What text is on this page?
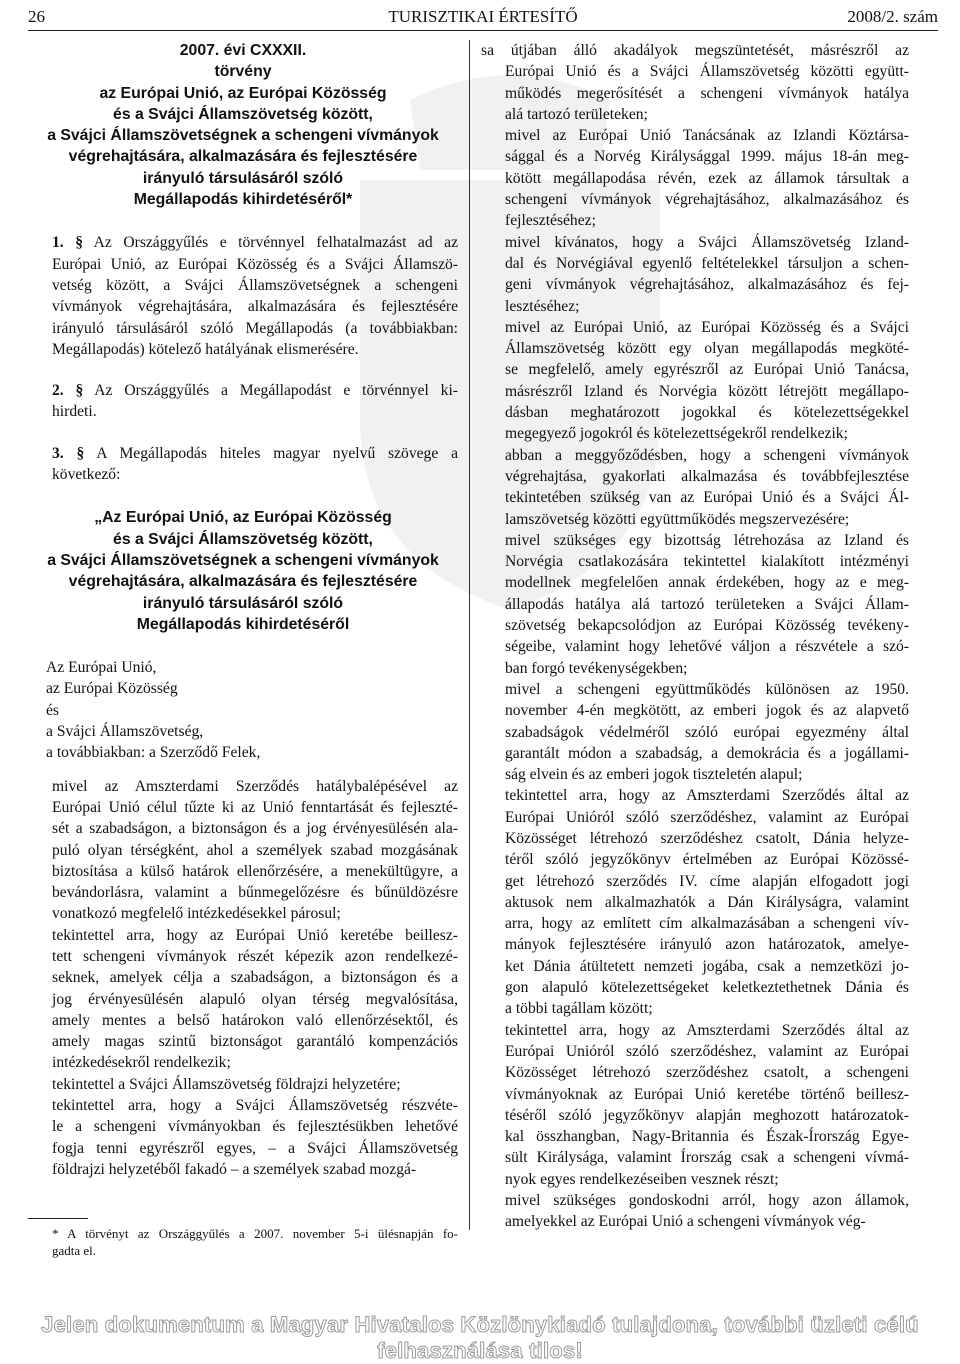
26	TURISZTIKAI ÉRTESÍTŐ	2008/2. szám
2007. évi CXXXII.
törvény
az Európai Unió, az Európai Közösség
és a Svájci Államszövetség között,
a Svájci Államszövetségnek a schengeni vívmányok
végrehajtására, alkalmazására és fejlesztésére
irányuló társulásáról szóló
Megállapodás kihirdetéséről*
1. § Az Országgyűlés e törvénnyel felhatalmazást ad az
Európai Unió, az Európai Közösség és a Svájci Államszö-
vetség között, a Svájci Államszövetségnek a schengeni
vívmányok végrehajtására, alkalmazására és fejlesztésére
irányuló társulásáról szóló Megállapodás (a továbbiakban:
Megállapodás) kötelező hatályának elismerésére.
2. § Az Országgyűlés a Megállapodást e törvénnyel ki-
hirdeti.
3. § A Megállapodás hiteles magyar nyelvű szövege a
következő:
„Az Európai Unió, az Európai Közösség
és a Svájci Államszövetség között,
a Svájci Államszövetségnek a schengeni vívmányok
végrehajtására, alkalmazására és fejlesztésére
irányuló társulásáról szóló
Megállapodás kihirdetéséről
Az Európai Unió,
az Európai Közösség
és
a Svájci Államszövetség,
a továbbiakban: a Szerződő Felek,
mivel az Amszterdami Szerződés hatálybalépésével az
Európai Unió célul tűzte ki az Unió fenntartását és fejleszté-
sét a szabadságon, a biztonságon és a jog érvényesülésén ala-
puló olyan térségként, ahol a személyek szabad mozgásának
biztosítása a külső határok ellenőrzésére, a menekültügyre, a
bevándorlásra, valamint a bűnmegelőzésre és bűnüldözésre
vonatkozó megfelelő intézkedésekkel párosul;
tekintettel arra, hogy az Európai Unió keretébe beillesz-
tett schengeni vívmányok részét képezik azon rendelkezé-
seknek, amelyek célja a szabadságon, a biztonságon és a
jog érvényesülésén alapuló olyan térség megvalósítása,
amely mentes a belső határokon való ellenőrzésektől, és
amely magas szintű biztonságot garantáló kompenzációs
intézkedésekről rendelkezik;
tekintettel a Svájci Államszövetség földrajzi helyzetére;
tekintettel arra, hogy a Svájci Államszövetség részvéte-
le a schengeni vívmányokban és fejlesztésükben lehetővé
fogja tenni egyrészről egyes, – a Svájci Államszövetség
földrajzi helyzetéből fakadó – a személyek szabad mozgá-
* A törvényt az Országgyűlés a 2007. november 5-i ülésnapján fo-
gadta el.
sa útjában álló akadályok megszüntetését, másrészről az
Európai Unió és a Svájci Államszövetség közötti együtt-
működés megerősítését a schengeni vívmányok hatálya
alá tartozó területeken;
mivel az Európai Unió Tanácsának az Izlandi Köztársa-
sággal és a Norvég Királysággal 1999. május 18-án meg-
kötött megállapodása révén, ezek az államok társultak a
schengeni vívmányok végrehajtásához, alkalmazásához és
fejlesztéséhez;
mivel kívánatos, hogy a Svájci Államszövetség Izland-
dal és Norvégiával egyenlő feltételekkel társuljon a schen-
geni vívmányok végrehajtásához, alkalmazásához és fej-
lesztéséhez;
mivel az Európai Unió, az Európai Közösség és a Svájci
Államszövetség között egy olyan megállapodás megköté-
se megfelelő, amely egyrészről az Európai Unió Tanácsa,
másrészről Izland és Norvégia között létrejött megállapo-
dásban meghatározott jogokkal és kötelezettségekkel
megegyező jogokról és kötelezettségekről rendelkezik;
abban a meggyőződésben, hogy a schengeni vívmányok
végrehajtása, gyakorlati alkalmazása és továbbfejlesztése
tekintetében szükség van az Európai Unió és a Svájci Ál-
lamszövetség közötti együttműködés megszervezésére;
mivel szükséges egy bizottság létrehozása az Izland és
Norvégia csatlakozására tekintettel kialakított intézményi
modellnek megfelelően annak érdekében, hogy az e meg-
állapodás hatálya alá tartozó területeken a Svájci Állam-
szövetség bekapcsolódjon az Európai Közösség tevékeny-
ségeibe, valamint hogy lehetővé váljon a részvétele a szó-
ban forgó tevékenységekben;
mivel a schengeni együttműködés különösen az 1950.
november 4-én megkötött, az emberi jogok és az alapvető
szabadságok védelméről szóló európai egyezmény által
garantált módon a szabadság, a demokrácia és a jogállami-
ság elvein és az emberi jogok tiszteletén alapul;
tekintettel arra, hogy az Amszterdami Szerződés által az
Európai Unióról szóló szerződéshez, valamint az Európai
Közösséget létrehozó szerződéshez csatolt, Dánia helyze-
téről szóló jegyzőkönyv értelmében az Európai Közössé-
get létrehozó szerződés IV. címe alapján elfogadott jogi
aktusok nem alkalmazhatók a Dán Királyságra, valamint
arra, hogy az említett cím alkalmazásában a schengeni vív-
mányok fejlesztésére irányuló azon határozatok, amelye-
ket Dánia átültetett nemzeti jogába, csak a nemzetközi jo-
gon alapuló kötelezettségeket keletkeztethetnek Dánia és
a többi tagállam között;
tekintettel arra, hogy az Amszterdami Szerződés által az
Európai Unióról szóló szerződéshez, valamint az Európai
Közösséget létrehozó szerződéshez csatolt, a schengeni
vívmányoknak az Európai Unió keretébe történő beillesz-
téséről szóló jegyzőkönyv alapján meghozott határozatok-
kal összhangban, Nagy-Britannia és Észak-Írország Egye-
sült Királysága, valamint Írország csak a schengeni vívmá-
nyok egyes rendelkezéseiben vesznek részt;
mivel szükséges gondoskodni arról, hogy azon államok,
amelyekkel az Európai Unió a schengeni vívmányok vég-
Jelen dokumentum a Magyar Hivatalos Közlönykiadó tulajdona, további üzleti célú felhasználása tilos!
